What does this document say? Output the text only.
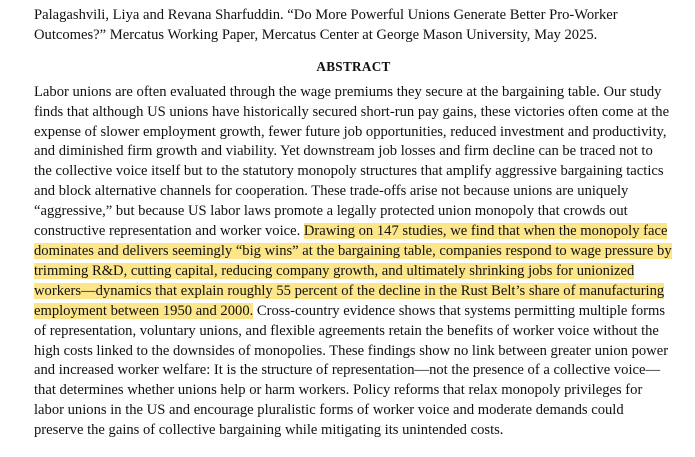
Palagashvili, Liya and Revana Sharfuddin. “Do More Powerful Unions Generate Better Pro-Worker Outcomes?” Mercatus Working Paper, Mercatus Center at George Mason University, May 2025.

ABSTRACT

Labor unions are often evaluated through the wage premiums they secure at the bargaining table. Our study finds that although US unions have historically secured short-run pay gains, these victories often come at the expense of slower employment growth, fewer future job opportunities, reduced investment and productivity, and diminished firm growth and viability. Yet downstream job losses and firm decline can be traced not to the collective voice itself but to the statutory monopoly structures that amplify aggressive bargaining tactics and block alternative channels for cooperation. These trade-offs arise not because unions are uniquely “aggressive,” but because US labor laws promote a legally protected union monopoly that crowds out constructive representation and worker voice. Drawing on 147 studies, we find that when the monopoly face dominates and delivers seemingly “big wins” at the bargaining table, companies respond to wage pressure by trimming R&D, cutting capital, reducing company growth, and ultimately shrinking jobs for unionized workers—dynamics that explain roughly 55 percent of the decline in the Rust Belt’s share of manufacturing employment between 1950 and 2000. Cross-country evidence shows that systems permitting multiple forms of representation, voluntary unions, and flexible agreements retain the benefits of worker voice without the high costs linked to the downsides of monopolies. These findings show no link between greater union power and increased worker welfare: It is the structure of representation—not the presence of a collective voice—that determines whether unions help or harm workers. Policy reforms that relax monopoly privileges for labor unions in the US and encourage pluralistic forms of worker voice and moderate demands could preserve the gains of collective bargaining while mitigating its unintended costs.
